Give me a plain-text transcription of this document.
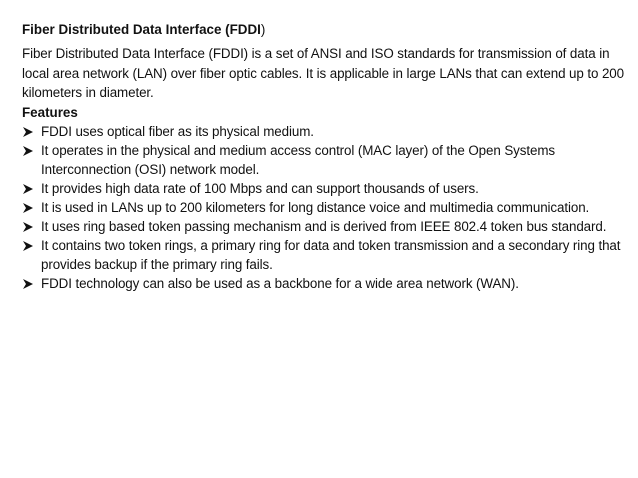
Fiber Distributed Data Interface (FDDI)

Fiber Distributed Data Interface (FDDI) is a set of ANSI and ISO standards for transmission of data in local area network (LAN) over fiber optic cables. It is applicable in large LANs that can extend up to 200 kilometers in diameter.

Features

FDDI uses optical fiber as its physical medium.
It operates in the physical and medium access control (MAC layer) of the Open Systems Interconnection (OSI) network model.
It provides high data rate of 100 Mbps and can support thousands of users.
It is used in LANs up to 200 kilometers for long distance voice and multimedia communication.
It uses ring based token passing mechanism and is derived from IEEE 802.4 token bus standard.
It contains two token rings, a primary ring for data and token transmission and a secondary ring that provides backup if the primary ring fails.
FDDI technology can also be used as a backbone for a wide area network (WAN).
